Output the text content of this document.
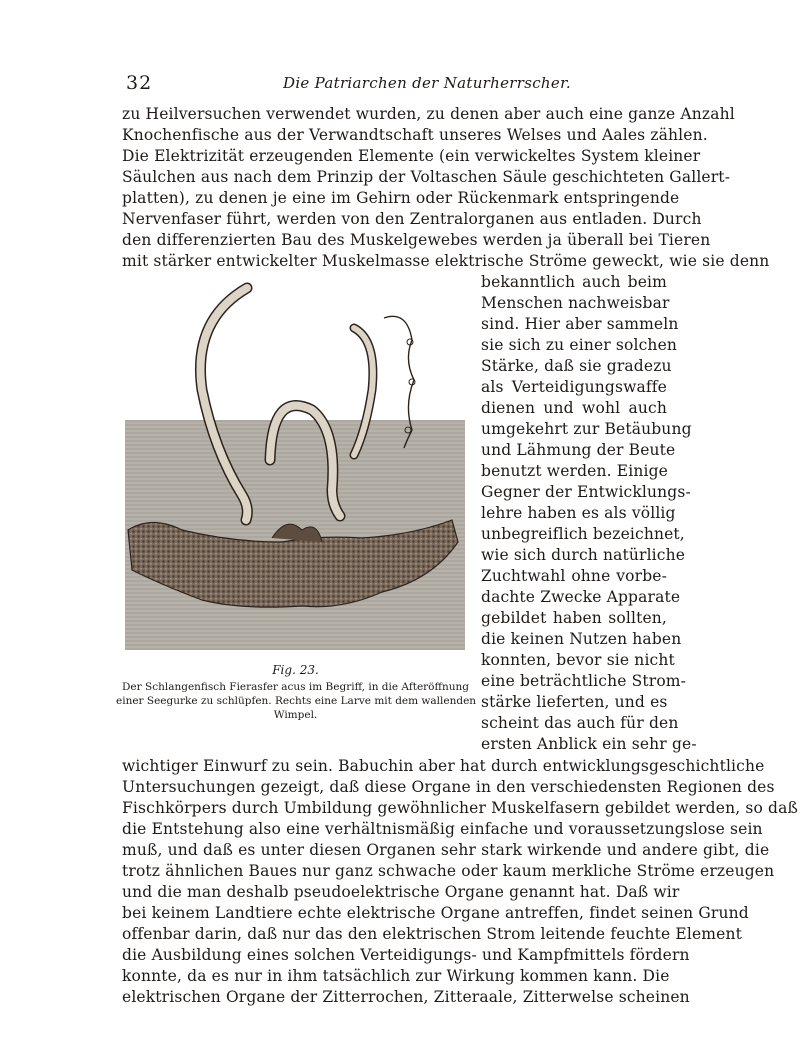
32	Die Patriarchen der Naturherrscher.
zu Heilversuchen verwendet wurden, zu denen aber auch eine ganze Anzahl
Knochenfische aus der Verwandtschaft unseres Welses und Aales zählen.
Die Elektrizität erzeugenden Elemente (ein verwickeltes System kleiner
Säulchen aus nach dem Prinzip der Voltaschen Säule geschichteten Gallert-
platten), zu denen je eine im Gehirn oder Rückenmark entspringende
Nervenfaser führt, werden von den Zentralorganen aus entladen. Durch
den differenzierten Bau des Muskelgewebes werden ja überall bei Tieren
mit stärker entwickelter Muskelmasse elektrische Ströme geweckt, wie sie denn
bekanntlich auch beim
Menschen nachweisbar
sind. Hier aber sammeln
sie sich zu einer solchen
Stärke, daß sie gradezu
als Verteidigungswaffe
dienen und wohl auch
umgekehrt zur Betäubung
und Lähmung der Beute
benutzt werden. Einige
Gegner der Entwicklungs-
lehre haben es als völlig
unbegreiflich bezeichnet,
wie sich durch natürliche
Zuchtwahl ohne vorbe-
dachte Zwecke Apparate
gebildet haben sollten,
die keinen Nutzen haben
konnten, bevor sie nicht
eine beträchtliche Strom-
stärke lieferten, und es
scheint das auch für den
ersten Anblick ein sehr ge-
Fig. 23.
Der Schlangenfisch Fierasfer acus im Begriff, in die Afteröffnung
einer Seegurke zu schlüpfen. Rechts eine Larve mit dem wallenden
Wimpel.
wichtiger Einwurf zu sein. Babuchin aber hat durch entwicklungsgeschichtliche
Untersuchungen gezeigt, daß diese Organe in den verschiedensten Regionen des
Fischkörpers durch Umbildung gewöhnlicher Muskelfasern gebildet werden, so daß
die Entstehung also eine verhältnismäßig einfache und voraussetzungslose sein
muß, und daß es unter diesen Organen sehr stark wirkende und andere gibt, die
trotz ähnlichen Baues nur ganz schwache oder kaum merkliche Ströme erzeugen
und die man deshalb pseudoelektrische Organe genannt hat. Daß wir
bei keinem Landtiere echte elektrische Organe antreffen, findet seinen Grund
offenbar darin, daß nur das den elektrischen Strom leitende feuchte Element
die Ausbildung eines solchen Verteidigungs- und Kampfmittels fördern
konnte, da es nur in ihm tatsächlich zur Wirkung kommen kann. Die
elektrischen Organe der Zitterrochen, Zitteraale, Zitterwelse scheinen
